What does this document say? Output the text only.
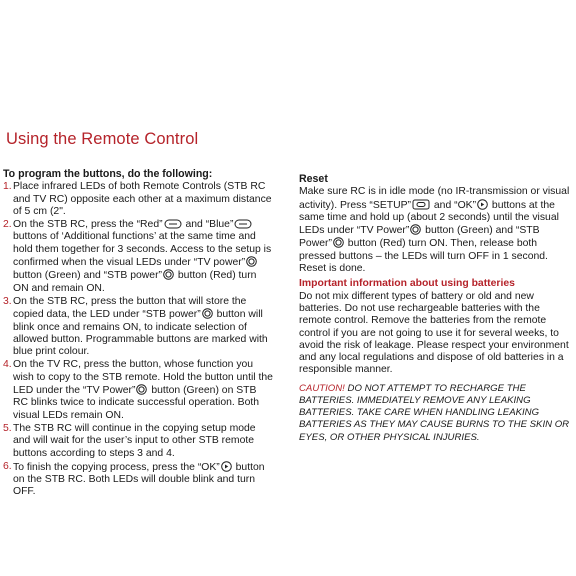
Using the Remote Control
To program the buttons, do the following:
1. Place infrared LEDs of both Remote Controls (STB RC and TV RC) opposite each other at a maximum distance of 5 cm (2".
2. On the STB RC, press the “Red” and “Blue” buttons of ‘Additional functions’ at the same time and hold them together for 3 seconds. Access to the setup is confirmed when the visual LEDs under “TV power” button (Green) and “STB power” button (Red) turn ON and remain ON.
3. On the STB RC, press the button that will store the copied data, the LED under “STB power” button will blink once and remains ON, to indicate selection of allowed button. Programmable buttons are marked with blue print colour.
4. On the TV RC, press the button, whose function you wish to copy to the STB remote. Hold the button until the LED under the “TV Power” button (Green) on STB RC blinks twice to indicate successful operation. Both visual LEDs remain ON.
5. The STB RC will continue in the copying setup mode and will wait for the user’s input to other STB remote buttons according to steps 3 and 4.
6. To finish the copying process, press the “OK” button on the STB RC. Both LEDs will double blink and turn OFF.
Reset
Make sure RC is in idle mode (no IR-transmission or visual activity). Press “SETUP” and “OK” buttons at the same time and hold up (about 2 seconds) until the visual LEDs under “TV Power” button (Green) and “STB Power” button (Red) turn ON. Then, release both pressed buttons – the LEDs will turn OFF in 1 second. Reset is done.
Important information about using batteries
Do not mix different types of battery or old and new batteries. Do not use rechargeable batteries with the remote control. Remove the batteries from the remote control if you are not going to use it for several weeks, to avoid the risk of leakage. Please respect your environment and any local regulations and dispose of old batteries in a responsible manner.
CAUTION! DO NOT ATTEMPT TO RECHARGE THE BATTERIES. IMMEDIATELY REMOVE ANY LEAKING BATTERIES. TAKE CARE WHEN HANDLING LEAKING BATTERIES AS THEY MAY CAUSE BURNS TO THE SKIN OR EYES, OR OTHER PHYSICAL INJURIES.
